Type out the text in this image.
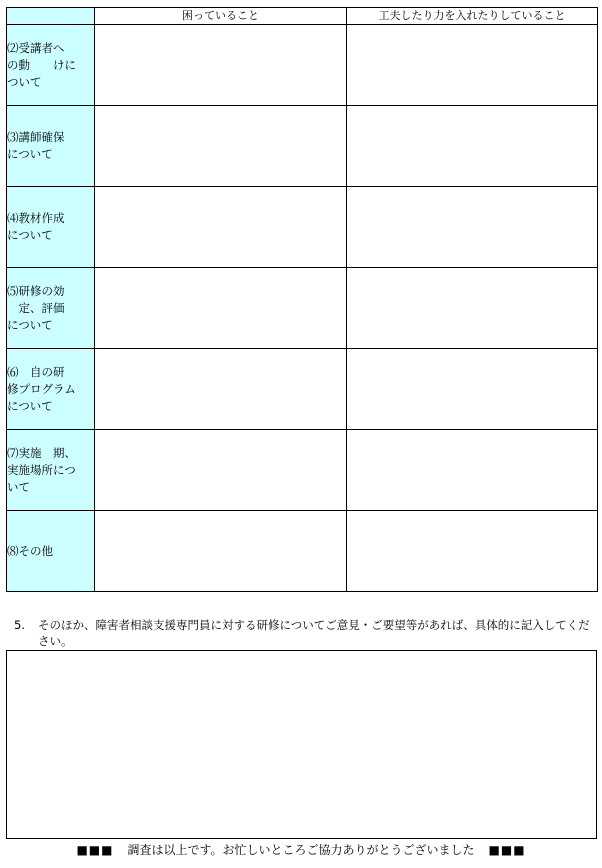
	困っていること	工夫したり力を入れたりしていること

⑵受講者へ
の動　　けに
ついて		

⑶講師確保
について		

⑷教材作成
について		

⑸研修の効
　定、評価
について		

⑹　自の研
修プログラム
について		

⑺実施　期、
実施場所につ
いて		

⑻その他		

5. そのほか、障害者相談支援専門員に対する研修についてご意見・ご要望等があれば、具体的に記入してください。
■■■ 調査は以上です。お忙しいところご協力ありがとうございました ■■■
